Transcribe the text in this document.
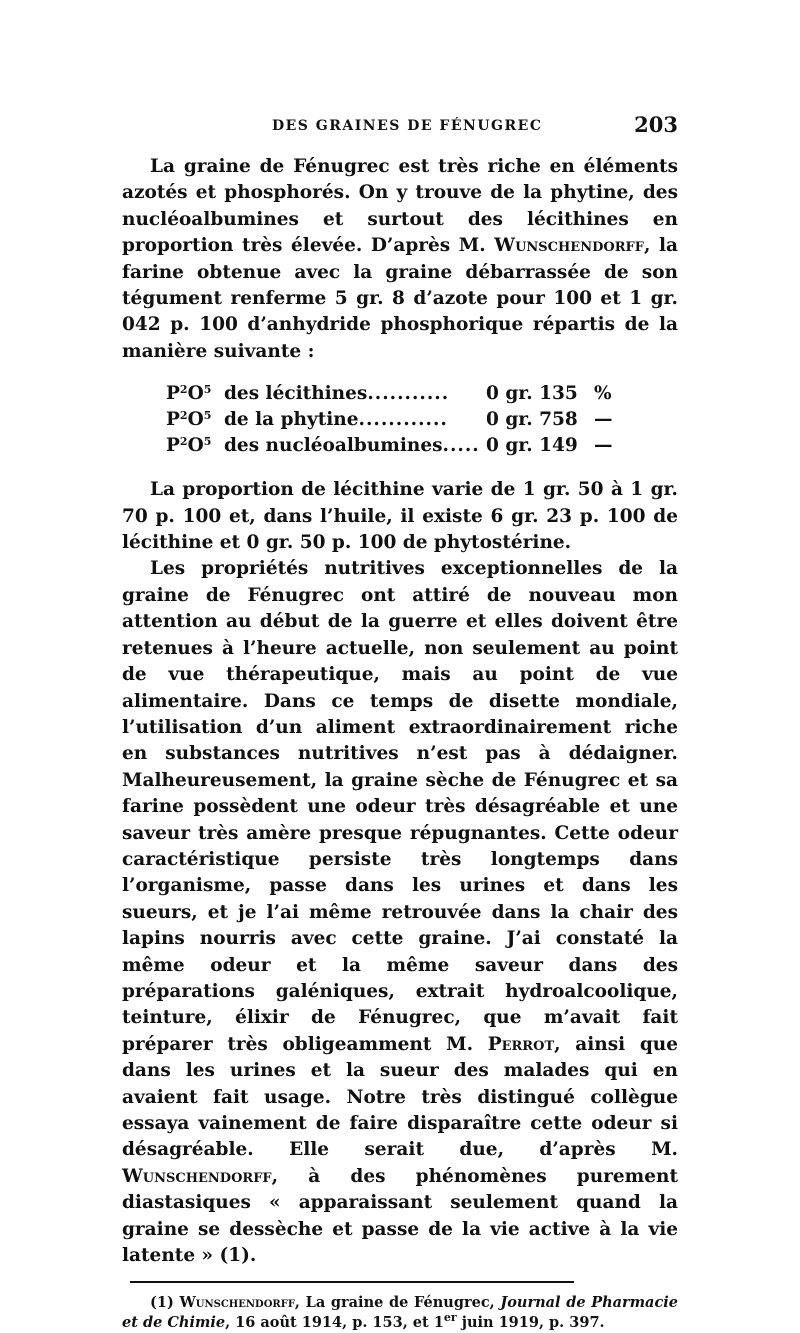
DES GRAINES DE FÉNUGREC	203

La graine de Fénugrec est très riche en éléments azotés et phosphorés. On y trouve de la phytine, des nucléoalbumines et surtout des lécithines en proportion très élevée. D’après M. Wunschendorff, la farine obtenue avec la graine débarrassée de son tégument renferme 5 gr. 8 d’azote pour 100 et 1 gr. 042 p. 100 d’anhydride phosphorique répartis de la manière suivante :

$P^2O^5$ des lécithines...........	0 gr. 135 %
$P^2O^5$ de la phytine............	0 gr. 758 —
$P^2O^5$ des nucléoalbumines..... 0 gr. 149 —

La proportion de lécithine varie de 1 gr. 50 à 1 gr. 70 p. 100 et, dans l’huile, il existe 6 gr. 23 p. 100 de lécithine et 0 gr. 50 p. 100 de phytostérine.

Les propriétés nutritives exceptionnelles de la graine de Fénugrec ont attiré de nouveau mon attention au début de la guerre et elles doivent être retenues à l’heure actuelle, non seulement au point de vue thérapeutique, mais au point de vue alimentaire. Dans ce temps de disette mondiale, l’utilisation d’un aliment extraordinairement riche en substances nutritives n’est pas à dédaigner. Malheureusement, la graine sèche de Fénugrec et sa farine possèdent une odeur très désagréable et une saveur très amère presque répugnantes. Cette odeur caractéristique persiste très longtemps dans l’organisme, passe dans les urines et dans les sueurs, et je l’ai même retrouvée dans la chair des lapins nourris avec cette graine. J’ai constaté la même odeur et la même saveur dans des préparations galéniques, extrait hydroalcoolique, teinture, élixir de Fénugrec, que m’avait fait préparer très obligeamment M. Perrot, ainsi que dans les urines et la sueur des malades qui en avaient fait usage. Notre très distingué collègue essaya vainement de faire disparaître cette odeur si désagréable. Elle serait due, d’après M. Wunschendorff, à des phénomènes purement diastasiques « apparaissant seulement quand la graine se dessèche et passe de la vie active à la vie latente » (1).

(1) Wunschendorff, La graine de Fénugrec, Journal de Pharmacie et de Chimie, 16 août 1914, p. 153, et 1er juin 1919, p. 397.
